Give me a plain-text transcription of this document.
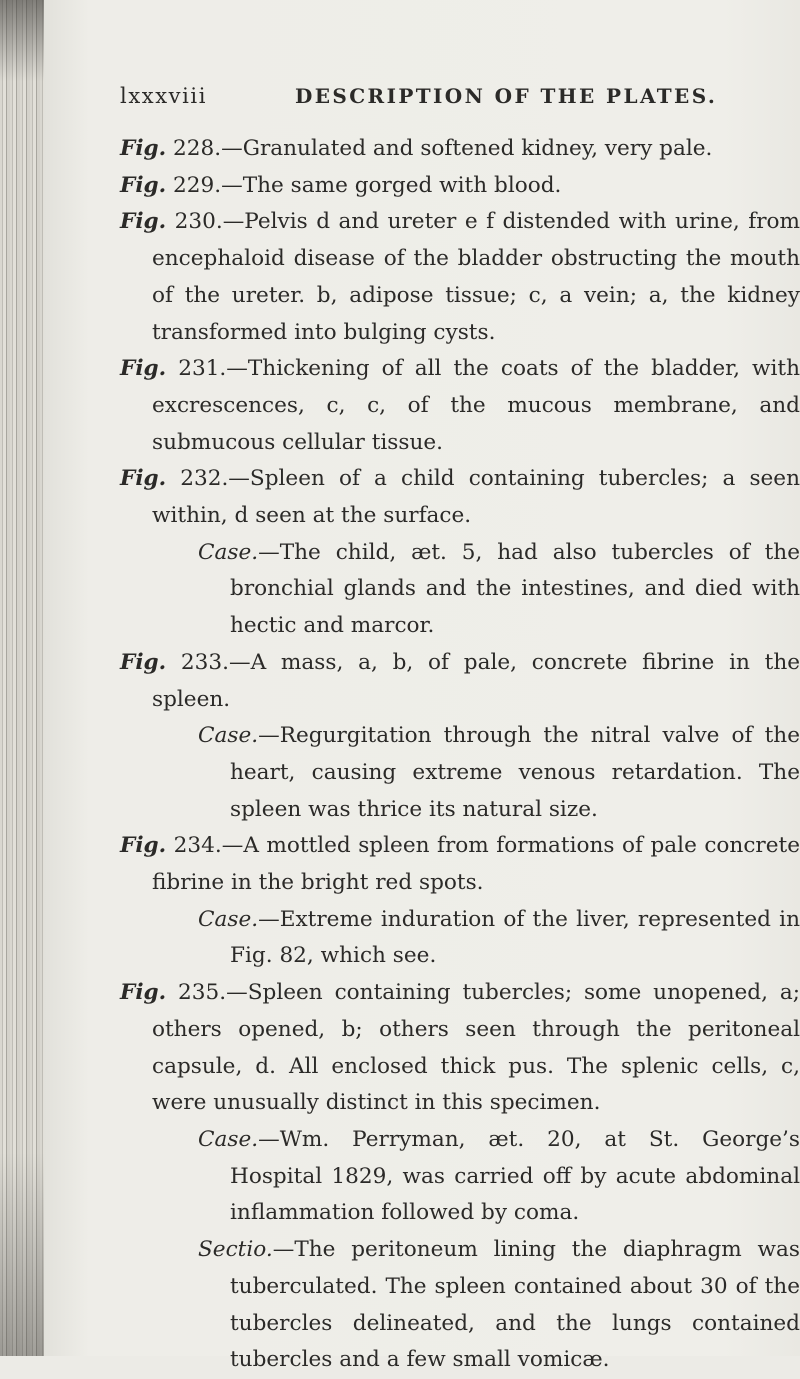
lxxxviii	DESCRIPTION OF THE PLATES.

Fig. 228.—Granulated and softened kidney, very pale.

Fig. 229.—The same gorged with blood.

Fig. 230.—Pelvis d and ureter e f distended with urine, from encephaloid disease of the bladder obstructing the mouth of the ureter. b, adipose tissue; c, a vein; a, the kidney transformed into bulging cysts.

Fig. 231.—Thickening of all the coats of the bladder, with excrescences, c, c, of the mucous membrane, and submucous cellular tissue.

Fig. 232.—Spleen of a child containing tubercles; a seen within, d seen at the surface.

Case.—The child, æt. 5, had also tubercles of the bronchial glands and the intestines, and died with hectic and marcor.

Fig. 233.—A mass, a, b, of pale, concrete fibrine in the spleen.

Case.—Regurgitation through the nitral valve of the heart, causing extreme venous retardation. The spleen was thrice its natural size.

Fig. 234.—A mottled spleen from formations of pale concrete fibrine in the bright red spots.

Case.—Extreme induration of the liver, represented in Fig. 82, which see.

Fig. 235.—Spleen containing tubercles; some unopened, a; others opened, b; others seen through the peritoneal capsule, d. All enclosed thick pus. The splenic cells, c, were unusually distinct in this specimen.

Case.—Wm. Perryman, æt. 20, at St. George’s Hospital 1829, was carried off by acute abdominal inflammation followed by coma.

Sectio.—The peritoneum lining the diaphragm was tuberculated. The spleen contained about 30 of the tubercles delineated, and the lungs contained tubercles and a few small vomicæ.
